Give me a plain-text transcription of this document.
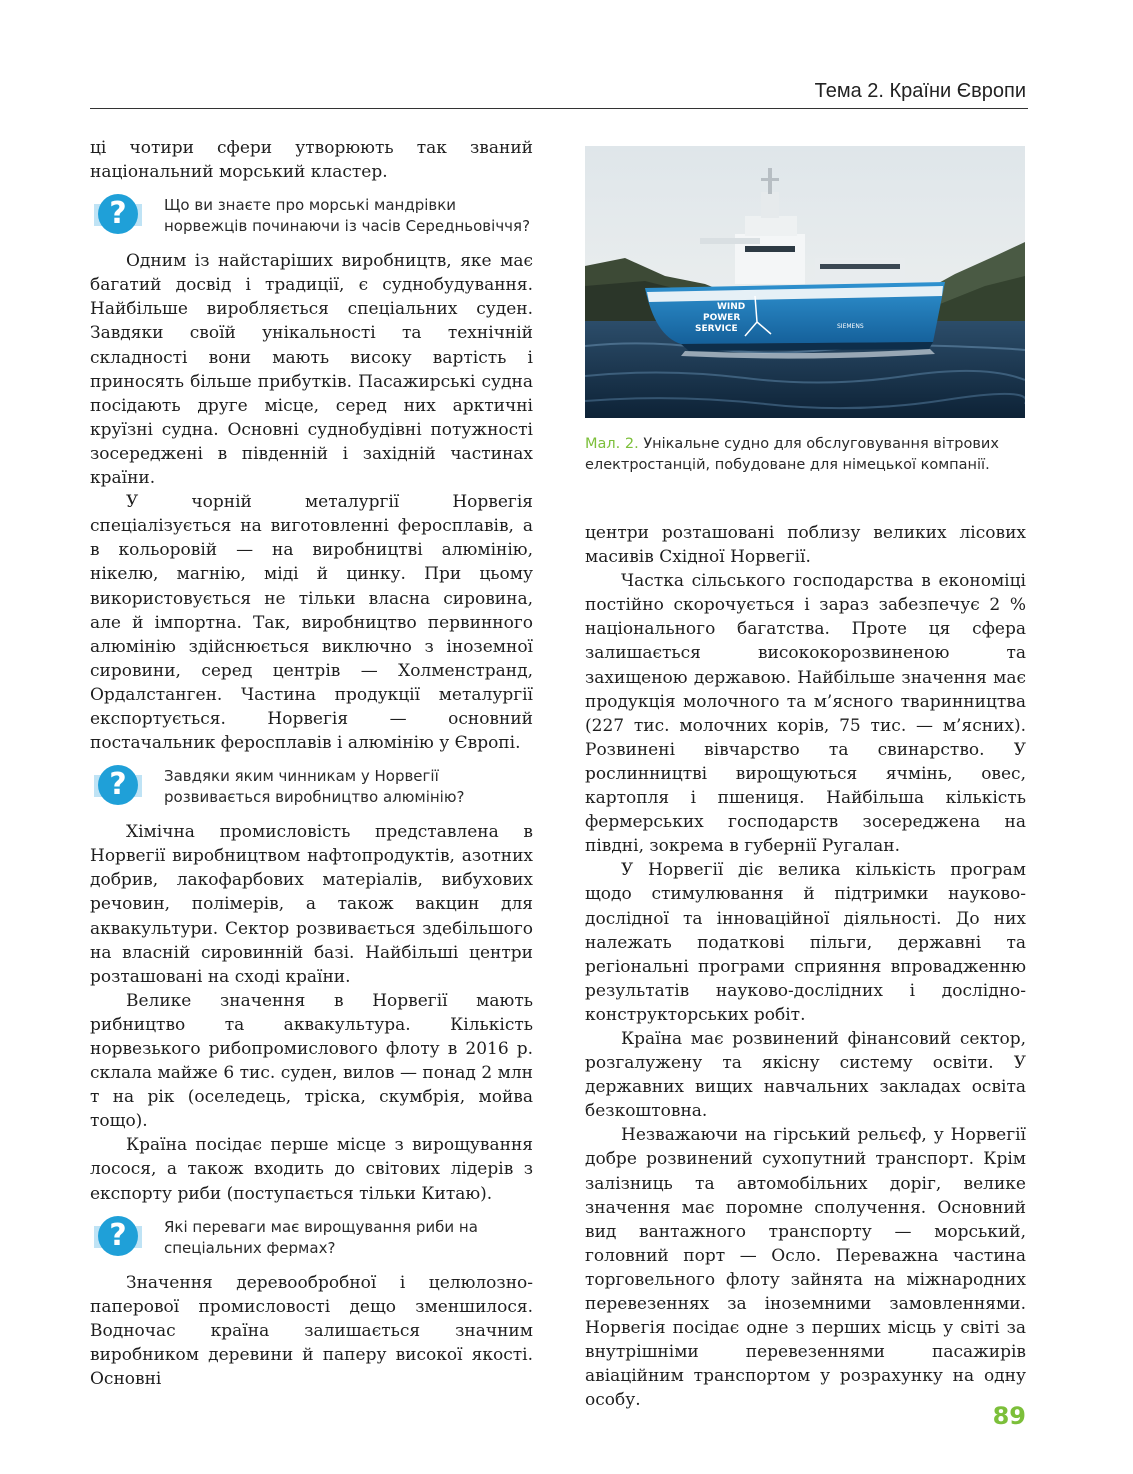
Тема 2. Країни Європи

ці чотири сфери утворюють так званий національний морський кластер.

?	Що ви знаєте про морські мандрівки норвежців починаючи із часів Середньовіччя?

Одним із найстаріших виробництв, яке має багатий досвід і традиції, є суднобудування. Найбільше виробляється спеціальних суден. Завдяки своїй унікальності та технічній складності вони мають високу вартість і приносять більше прибутків. Пасажирські судна посідають друге місце, серед них арктичні круїзні судна. Основні суднобудівні потужності зосереджені в південній і західній частинах країни.

У чорній металургії Норвегія спеціалізується на виготовленні феросплавів, а в кольоровій — на виробництві алюмінію, нікелю, магнію, міді й цинку. При цьому використовується не тільки власна сировина, але й імпортна. Так, виробництво первинного алюмінію здійснюється виключно з іноземної сировини, серед центрів — Холменстранд, Ордалстанген. Частина продукції металургії експортується. Норвегія — основний постачальник феросплавів і алюмінію у Європі.

?	Завдяки яким чинникам у Норвегії розвивається виробництво алюмінію?

Хімічна промисловість представлена в Норвегії виробництвом нафтопродуктів, азотних добрив, лакофарбових матеріалів, вибухових речовин, полімерів, а також вакцин для аквакультури. Сектор розвивається здебільшого на власній сировинній базі. Найбільші центри розташовані на сході країни.

Велике значення в Норвегії мають рибництво та аквакультура. Кількість норвезького рибопромислового флоту в 2016 р. склала майже 6 тис. суден, вилов — понад 2 млн т на рік (оселедець, тріска, скумбрія, мойва тощо).

Країна посідає перше місце з вирощування лосося, а також входить до світових лідерів з експорту риби (поступається тільки Китаю).

?	Які переваги має вирощування риби на спеціальних фермах?

Значення деревообробної і целюлозно-паперової промисловості дещо зменшилося. Водночас країна залишається значним виробником деревини й паперу високої якості. Основні

WIND
POWER
SERVICE	SIEMENS
Мал. 2. Унікальне судно для обслуговування вітрових електростанцій, побудоване для німецької компанії.

центри розташовані поблизу великих лісових масивів Східної Норвегії.

Частка сільського господарства в економіці постійно скорочується і зараз забезпечує 2 % національного багатства. Проте ця сфера залишається висококорозвиненою та захищеною державою. Найбільше значення має продукція молочного та м’ясного тваринництва (227 тис. молочних корів, 75 тис. — м’ясних). Розвинені вівчарство та свинарство. У рослинництві вирощуються ячмінь, овес, картопля і пшениця. Найбільша кількість фермерських господарств зосереджена на півдні, зокрема в губернії Ругалан.

У Норвегії діє велика кількість програм щодо стимулювання й підтримки науково-дослідної та інноваційної діяльності. До них належать податкові пільги, державні та регіональні програми сприяння впровадженню результатів науково-дослідних і дослідно-конструкторських робіт.

Країна має розвинений фінансовий сектор, розгалужену та якісну систему освіти. У державних вищих навчальних закладах освіта безкоштовна.

Незважаючи на гірський рельєф, у Норвегії добре розвинений сухопутний транспорт. Крім залізниць та автомобільних доріг, велике значення має поромне сполучення. Основний вид вантажного транспорту — морський, головний порт — Осло. Переважна частина торговельного флоту зайнята на міжнародних перевезеннях за іноземними замовленнями. Норвегія посідає одне з перших місць у світі за внутрішніми перевезеннями пасажирів авіаційним транспортом у розрахунку на одну особу.

89
